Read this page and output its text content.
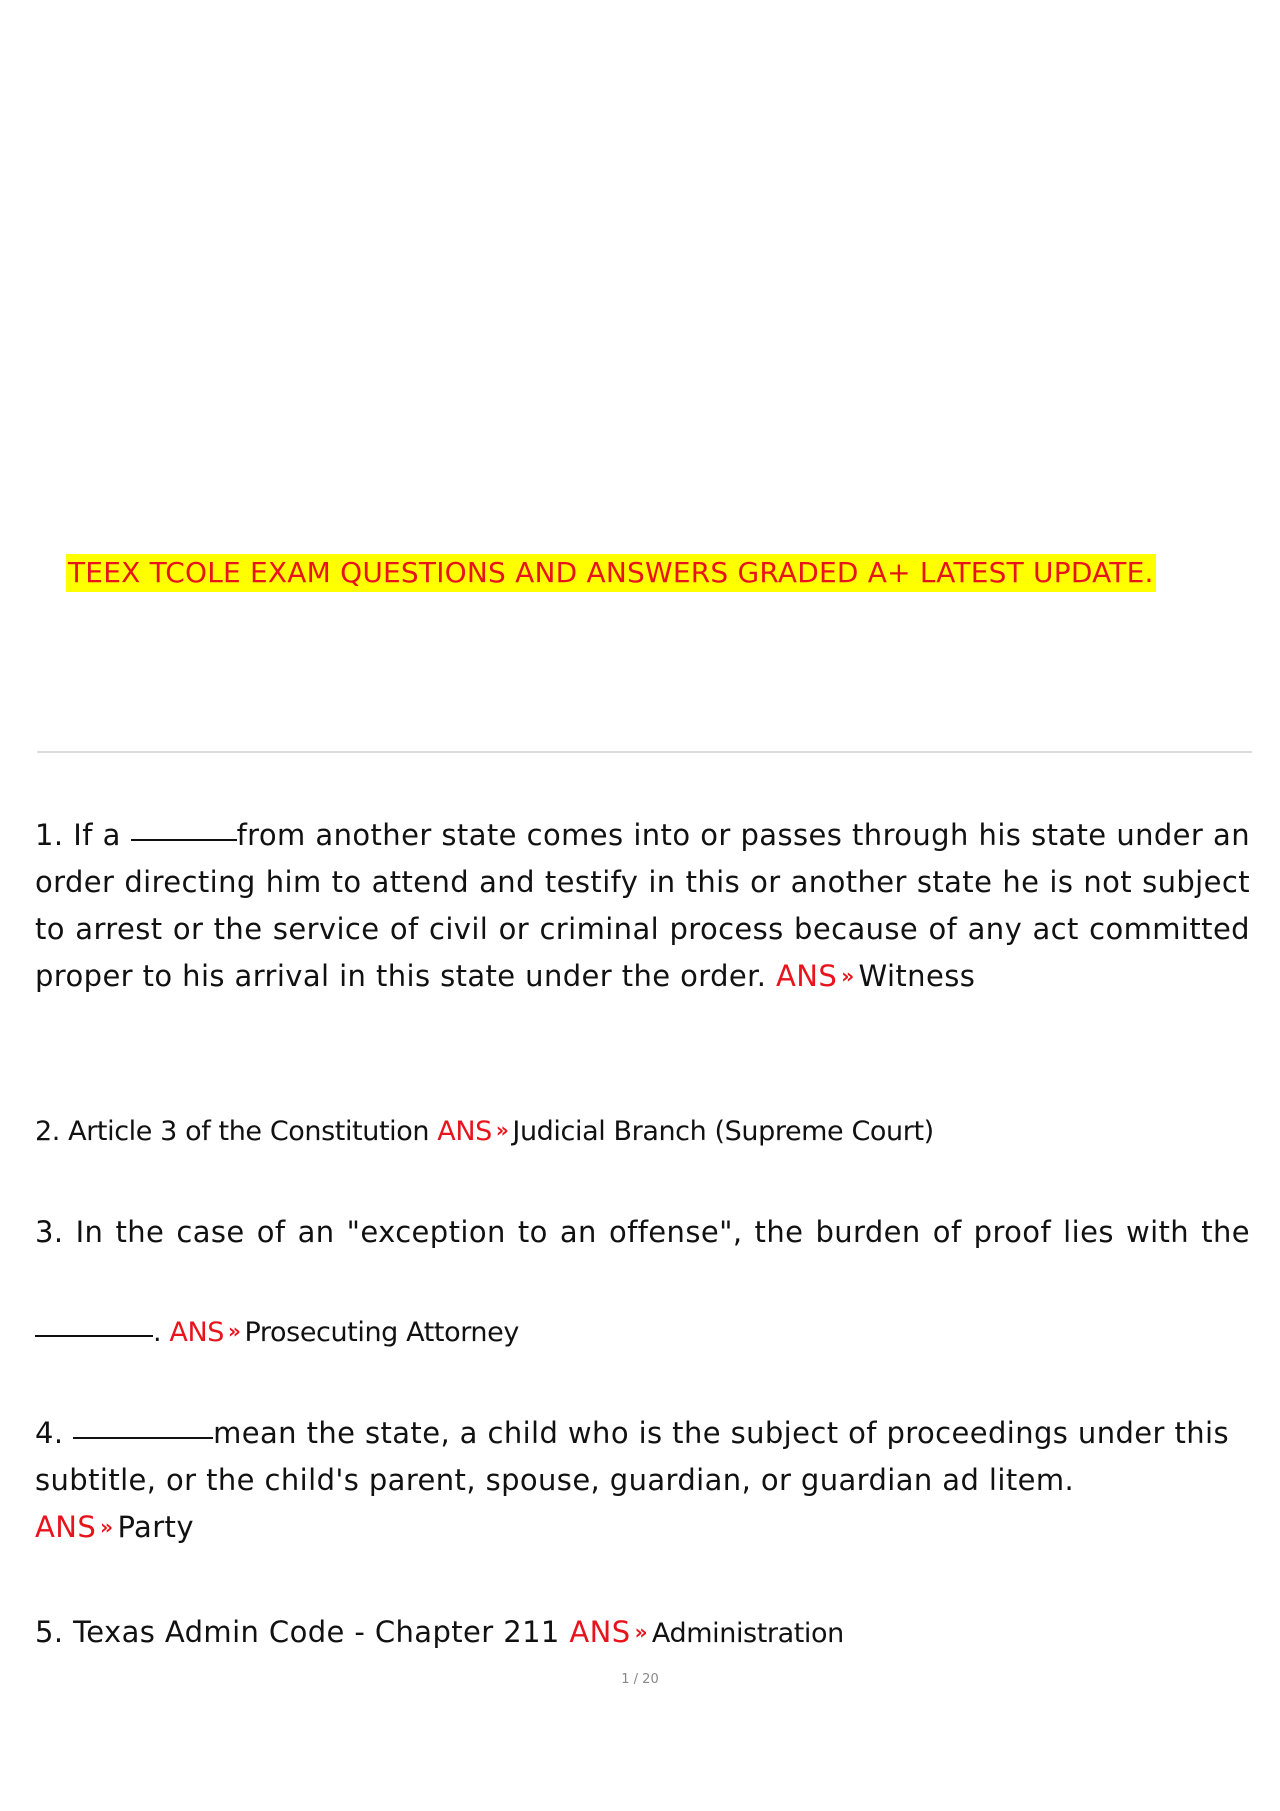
TEEX TCOLE EXAM QUESTIONS AND ANSWERS GRADED A+ LATEST UPDATE.
1. If a	from another state comes into or passes through his state under an order directing him to attend and testify in this or another state he is not subject to arrest or the service of civil or criminal process because of any act committed proper to his arrival in this state under the order. ANS » Witness
2. Article 3 of the Constitution ANS » Judicial Branch (Supreme Court)
3. In the case of an "exception to an offense", the burden of proof lies with the
. ANS » Prosecuting Attorney
4.	mean the state, a child who is the subject of proceedings under this subtitle, or the child's parent, spouse, guardian, or guardian ad litem.
ANS » Party
5. Texas Admin Code - Chapter 211 ANS » Administration
1 / 20
